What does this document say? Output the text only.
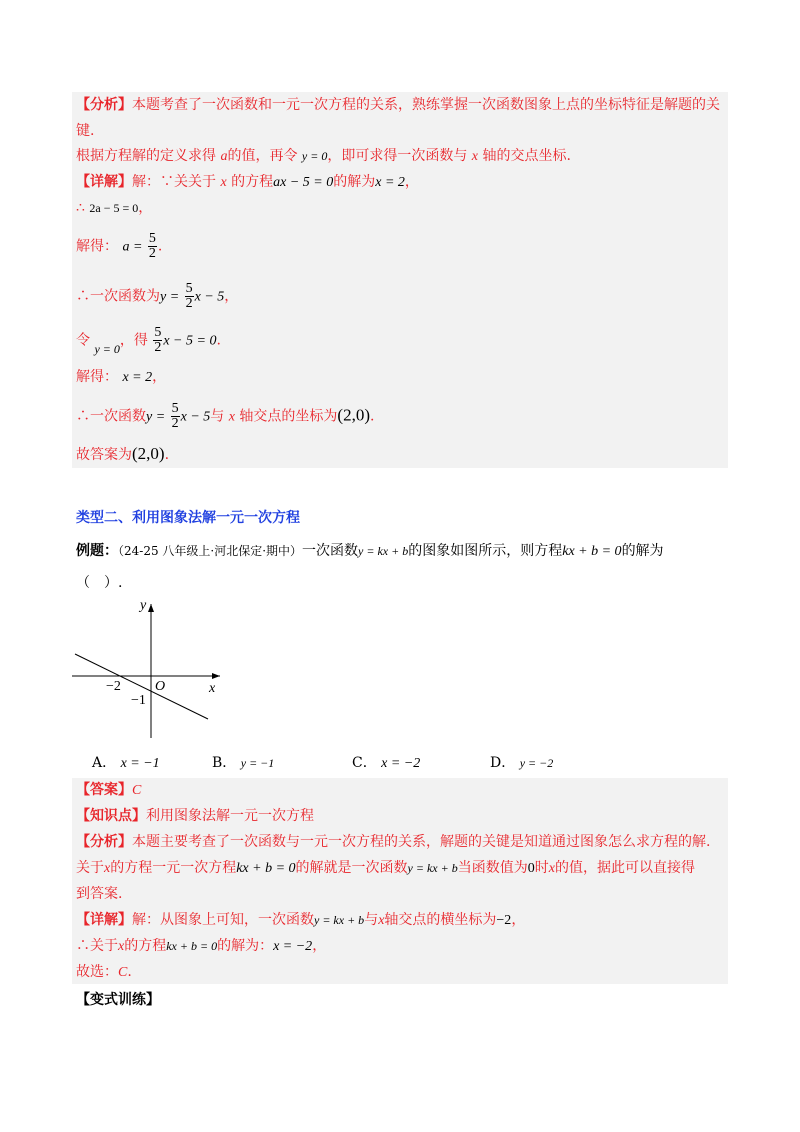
【分析】本题考查了一次函数和一元一次方程的关系，熟练掌握一次函数图象上点的坐标特征是解题的关
键.
根据方程解的定义求得 a的值，再令 y = 0，即可求得一次函数与 x 轴的交点坐标.
【详解】解：∵关关于 x 的方程ax − 5 = 0的解为x = 2，
∴ 2a − 5 = 0，
解得： $a = \frac{5}{2}$ .
∴一次函数为$y = \frac{5}{2}$ x − 5，
令 y = 0，得 $\frac{5}{2}$ x − 5 = 0.
解得： x = 2，
∴一次函数$y = \frac{5}{2}$ x − 5与 x 轴交点的坐标为(2,0).
故答案为(2,0).
类型二、利用图象法解一元一次方程
例题：（24-25 八年级上·河北保定·期中）一次函数y = kx + b的图象如图所示，则方程kx + b = 0的解为
（　）.
y
x
O
−2
−1
A． x = −1	B． y = −1	C． x = −2	D． y = −2
【答案】C
【知识点】利用图象法解一元一次方程
【分析】本题主要考查了一次函数与一元一次方程的关系，解题的关键是知道通过图象怎么求方程的解.
关于x的方程一元一次方程kx + b = 0的解就是一次函数y = kx + b当函数值为0时x的值，据此可以直接得
到答案.
【详解】解：从图象上可知，一次函数y = kx + b与x轴交点的横坐标为−2，
∴关于x的方程kx + b = 0的解为：x = −2，
故选：C.
【变式训练】
